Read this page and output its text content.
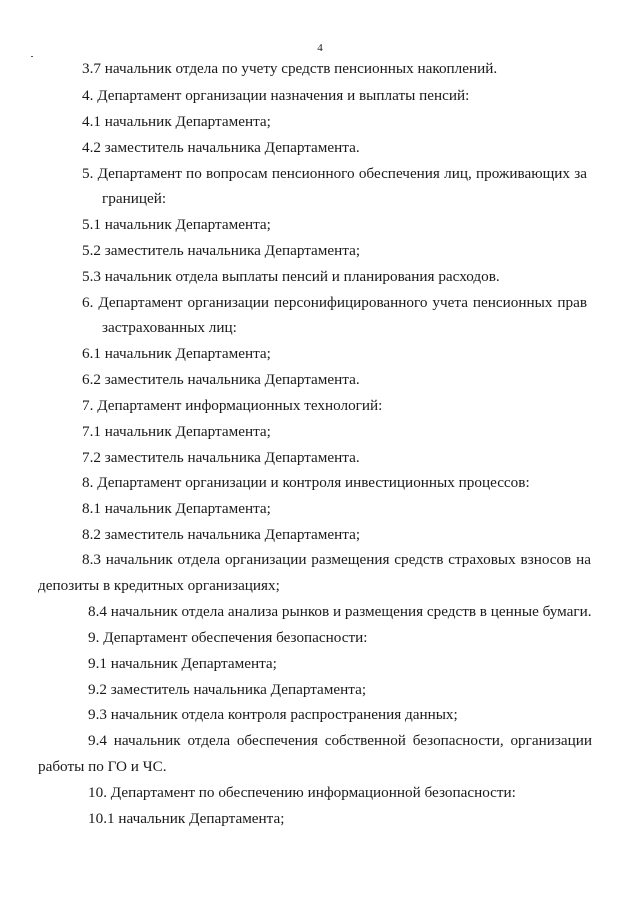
4
3.7 начальник отдела по учету средств пенсионных накоплений.
4. Департамент организации назначения и выплаты пенсий:
4.1 начальник Департамента;
4.2 заместитель начальника Департамента.
5. Департамент по вопросам пенсионного обеспечения лиц, проживающих за
границей:
5.1 начальник Департамента;
5.2 заместитель начальника Департамента;
5.3 начальник отдела выплаты пенсий и планирования расходов.
6. Департамент организации персонифицированного учета пенсионных прав
застрахованных лиц:
6.1 начальник Департамента;
6.2 заместитель начальника Департамента.
7. Департамент информационных технологий:
7.1 начальник Департамента;
7.2 заместитель начальника Департамента.
8. Департамент организации и контроля инвестиционных процессов:
8.1 начальник Департамента;
8.2 заместитель начальника Департамента;
8.3 начальник отдела организации размещения средств страховых взносов на
депозиты в кредитных организациях;
8.4 начальник отдела анализа рынков и размещения средств в ценные бумаги.
9. Департамент обеспечения безопасности:
9.1 начальник Департамента;
9.2 заместитель начальника Департамента;
9.3 начальник отдела контроля распространения данных;
9.4 начальник отдела обеспечения собственной безопасности, организации
работы по ГО и ЧС.
10. Департамент по обеспечению информационной безопасности:
10.1 начальник Департамента;
